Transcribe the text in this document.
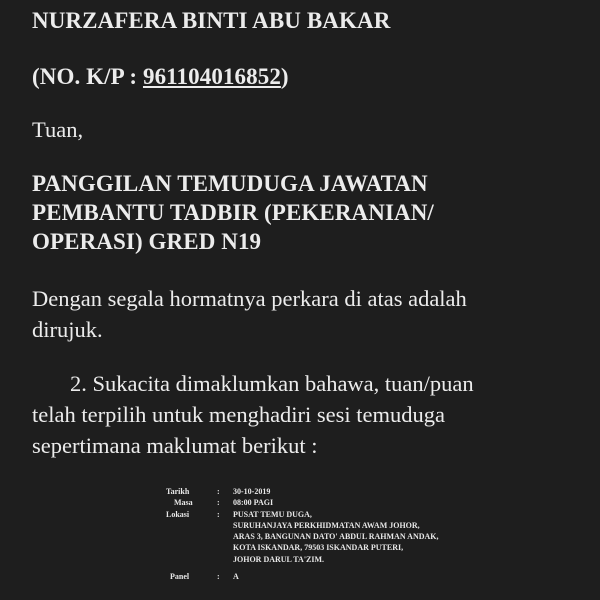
NURZAFERA BINTI ABU BAKAR
(NO. K/P : 961104016852)
Tuan,
PANGGILAN TEMUDUGA JAWATAN
PEMBANTU TADBIR (PEKERANIAN/
OPERASI) GRED N19
Dengan segala hormatnya perkara di atas adalah
dirujuk.
2. Sukacita dimaklumkan bahawa, tuan/puan
telah terpilih untuk menghadiri sesi temuduga
sepertimana maklumat berikut :
Tarikh	:	30-10-2019
Masa	:	08:00 PAGI
Lokasi	:	PUSAT TEMU DUGA,
SURUHANJAYA PERKHIDMATAN AWAM JOHOR,
ARAS 3, BANGUNAN DATO' ABDUL RAHMAN ANDAK,
KOTA ISKANDAR, 79503 ISKANDAR PUTERI,
JOHOR DARUL TA'ZIM.
Panel	:	A
